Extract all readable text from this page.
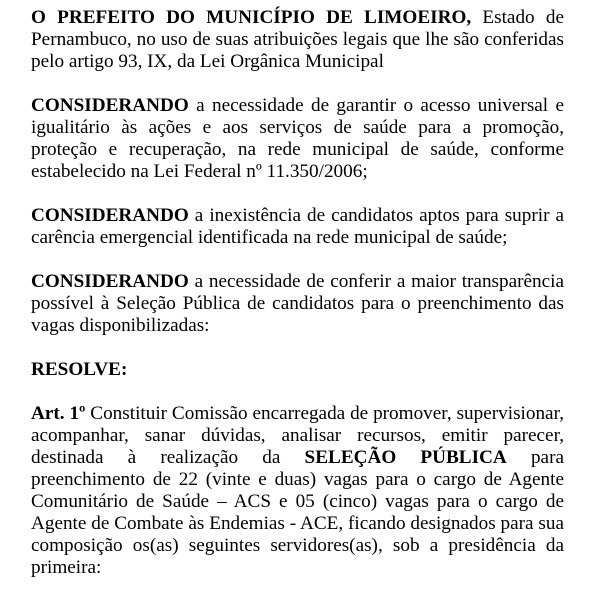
O PREFEITO DO MUNICÍPIO DE LIMOEIRO, Estado de Pernambuco, no uso de suas atribuições legais que lhe são conferidas pelo artigo 93, IX, da Lei Orgânica Municipal

CONSIDERANDO a necessidade de garantir o acesso universal e igualitário às ações e aos serviços de saúde para a promoção, proteção e recuperação, na rede municipal de saúde, conforme estabelecido na Lei Federal nº 11.350/2006;

CONSIDERANDO a inexistência de candidatos aptos para suprir a carência emergencial identificada na rede municipal de saúde;

CONSIDERANDO a necessidade de conferir a maior transparência possível à Seleção Pública de candidatos para o preenchimento das vagas disponibilizadas:

RESOLVE:

Art. 1º Constituir Comissão encarregada de promover, supervisionar, acompanhar, sanar dúvidas, analisar recursos, emitir parecer, destinada à realização da SELEÇÃO PÚBLICA para preenchimento de 22 (vinte e duas) vagas para o cargo de Agente Comunitário de Saúde – ACS e 05 (cinco) vagas para o cargo de Agente de Combate às Endemias - ACE, ficando designados para sua composição os(as) seguintes servidores(as), sob a presidência da primeira:
